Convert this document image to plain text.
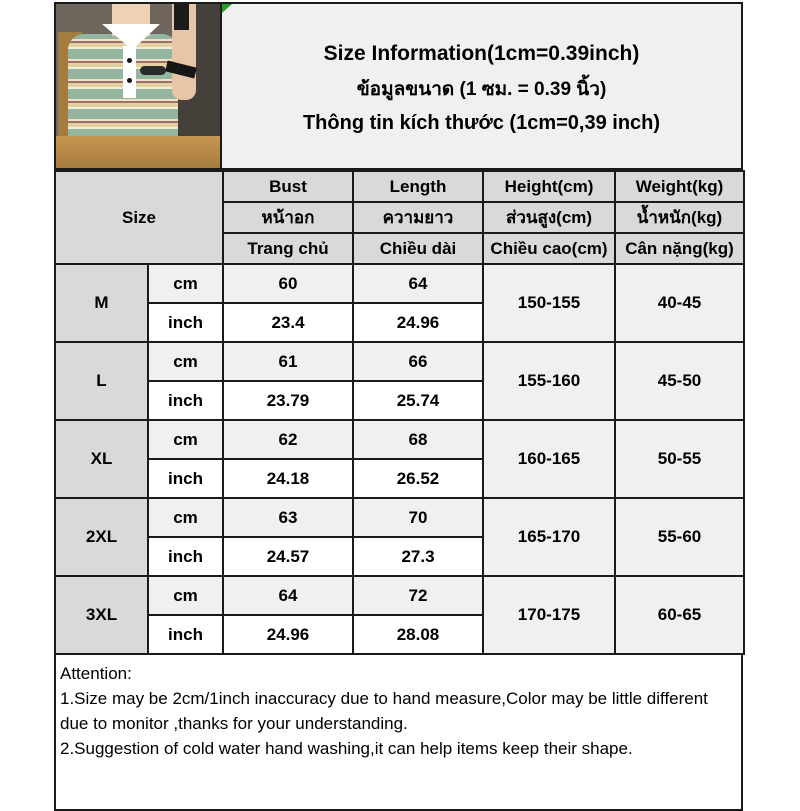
Size Information(1cm=0.39inch)
ข้อมูลขนาด (1 ซม. = 0.39 นิ้ว)
Thông tin kích thước (1cm=0,39 inch)
Size		Bust	Length	Height(cm)	Weight(kg)
		หน้าอก	ความยาว	ส่วนสูง(cm)	น้ำหนัก(kg)
		Trang chủ	Chiều dài	Chiều cao(cm)	Cân nặng(kg)
M	cm	60	64	150-155	40-45
	inch	23.4	24.96		
L	cm	61	66	155-160	45-50
	inch	23.79	25.74		
XL	cm	62	68	160-165	50-55
	inch	24.18	26.52		
2XL	cm	63	70	165-170	55-60
	inch	24.57	27.3		
3XL	cm	64	72	170-175	60-65
	inch	24.96	28.08		
Attention:
1.Size may be 2cm/1inch inaccuracy due to hand measure,Color may be little different due to monitor ,thanks for your understanding.
2.Suggestion of cold water hand washing,it can help items keep their shape.
